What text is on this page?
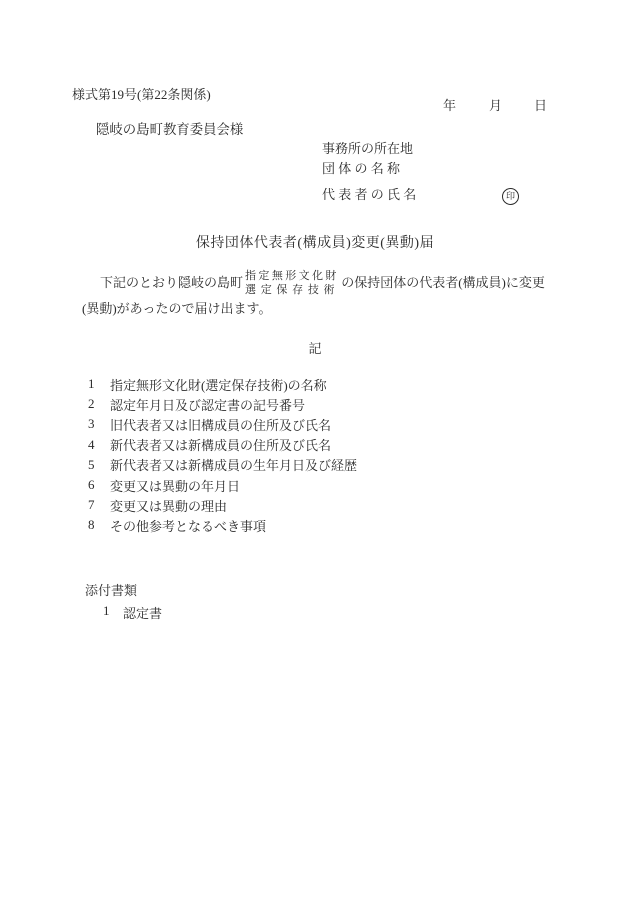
様式第19号(第22条関係)
年	月 日
隠岐の島町教育委員会様
事務所の所在地
団 体 の 名 称
代 表 者 の 氏 名	印
保持団体代表者(構成員)変更(異動)届
下記のとおり隠岐の島町 指定無形文化財
選定保存技術 の保持団体の代表者(構成員)に変更
(異動)があったので届け出ます。
記
1	指定無形文化財(選定保存技術)の名称
2	認定年月日及び認定書の記号番号
3	旧代表者又は旧構成員の住所及び氏名
4	新代表者又は新構成員の住所及び氏名
5	新代表者又は新構成員の生年月日及び経歴
6	変更又は異動の年月日
7	変更又は異動の理由
8	その他参考となるべき事項
添付書類
1	認定書
